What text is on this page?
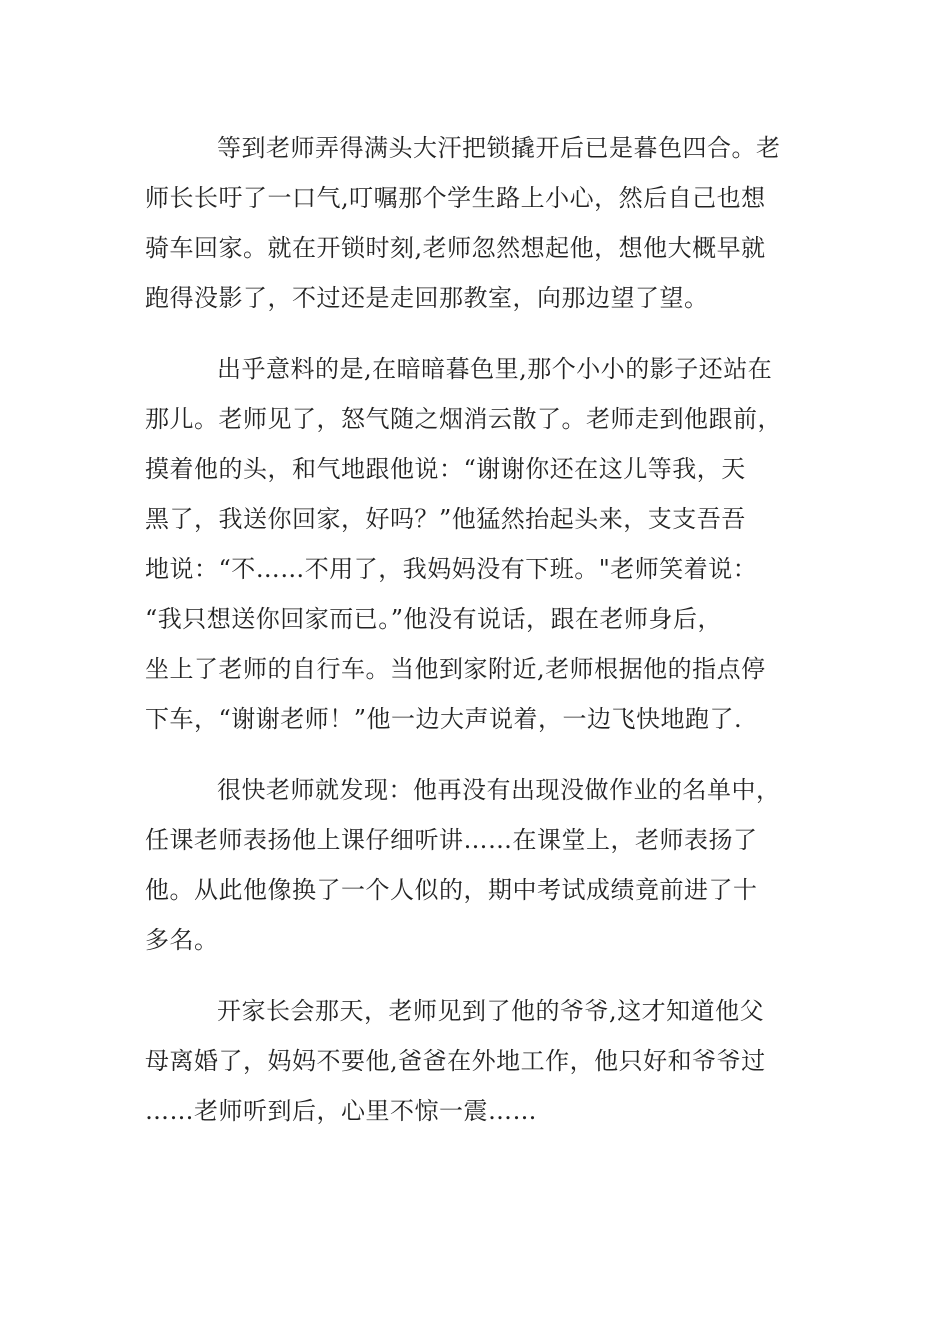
等到老师弄得满头大汗把锁撬开后已是暮色四合。老
师长长吁了一口气,叮嘱那个学生路上小心，然后自己也想
骑车回家。就在开锁时刻,老师忽然想起他，想他大概早就
跑得没影了，不过还是走回那教室，向那边望了望。
出乎意料的是,在暗暗暮色里,那个小小的影子还站在
那儿。老师见了，怒气随之烟消云散了。老师走到他跟前，
摸着他的头，和气地跟他说：“谢谢你还在这儿等我，天
黑了，我送你回家，好吗？”他猛然抬起头来，支支吾吾
地说：“不……不用了，我妈妈没有下班。"老师笑着说：
“我只想送你回家而已。”他没有说话，跟在老师身后，
坐上了老师的自行车。当他到家附近,老师根据他的指点停
下车，“谢谢老师！”他一边大声说着，一边飞快地跑了.
很快老师就发现：他再没有出现没做作业的名单中，
任课老师表扬他上课仔细听讲……在课堂上，老师表扬了
他。从此他像换了一个人似的，期中考试成绩竟前进了十
多名。
开家长会那天，老师见到了他的爷爷,这才知道他父
母离婚了，妈妈不要他,爸爸在外地工作，他只好和爷爷过
……老师听到后，心里不惊一震……
